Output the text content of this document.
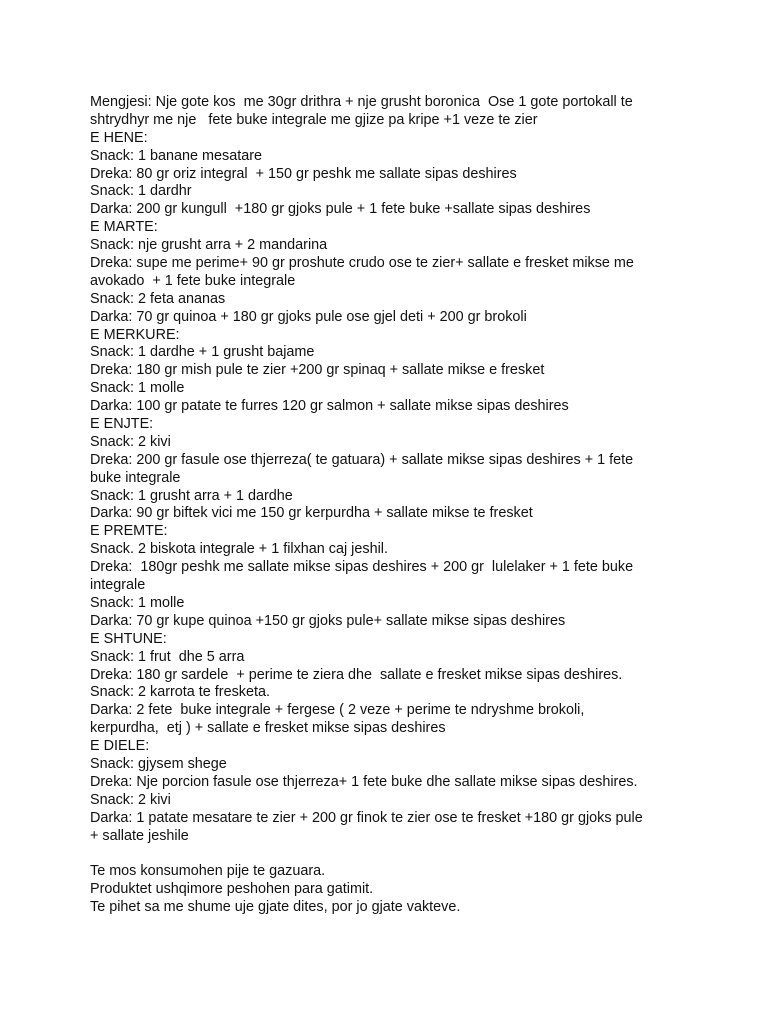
Mengjesi: Nje gote kos  me 30gr drithra + nje grusht boronica  Ose 1 gote portokall te
shtrydhyr me nje   fete buke integrale me gjize pa kripe +1 veze te zier
E HENE:
Snack: 1 banane mesatare
Dreka: 80 gr oriz integral  + 150 gr peshk me sallate sipas deshires
Snack: 1 dardhr
Darka: 200 gr kungull  +180 gr gjoks pule + 1 fete buke +sallate sipas deshires
E MARTE:
Snack: nje grusht arra + 2 mandarina
Dreka: supe me perime+ 90 gr proshute crudo ose te zier+ sallate e fresket mikse me
avokado  + 1 fete buke integrale
Snack: 2 feta ananas
Darka: 70 gr quinoa + 180 gr gjoks pule ose gjel deti + 200 gr brokoli
E MERKURE:
Snack: 1 dardhe + 1 grusht bajame
Dreka: 180 gr mish pule te zier +200 gr spinaq + sallate mikse e fresket
Snack: 1 molle
Darka: 100 gr patate te furres 120 gr salmon + sallate mikse sipas deshires
E ENJTE:
Snack: 2 kivi
Dreka: 200 gr fasule ose thjerreza( te gatuara) + sallate mikse sipas deshires + 1 fete
buke integrale
Snack: 1 grusht arra + 1 dardhe
Darka: 90 gr biftek vici me 150 gr kerpurdha + sallate mikse te fresket
E PREMTE:
Snack. 2 biskota integrale + 1 filxhan caj jeshil.
Dreka:  180gr peshk me sallate mikse sipas deshires + 200 gr  lulelaker + 1 fete buke
integrale
Snack: 1 molle
Darka: 70 gr kupe quinoa +150 gr gjoks pule+ sallate mikse sipas deshires
E SHTUNE:
Snack: 1 frut  dhe 5 arra
Dreka: 180 gr sardele  + perime te ziera dhe  sallate e fresket mikse sipas deshires.
Snack: 2 karrota te fresketa.
Darka: 2 fete  buke integrale + fergese ( 2 veze + perime te ndryshme brokoli,
kerpurdha,  etj ) + sallate e fresket mikse sipas deshires
E DIELE:
Snack: gjysem shege
Dreka: Nje porcion fasule ose thjerreza+ 1 fete buke dhe sallate mikse sipas deshires.
Snack: 2 kivi
Darka: 1 patate mesatare te zier + 200 gr finok te zier ose te fresket +180 gr gjoks pule
+ sallate jeshile
Te mos konsumohen pije te gazuara.
Produktet ushqimore peshohen para gatimit.
Te pihet sa me shume uje gjate dites, por jo gjate vakteve.
